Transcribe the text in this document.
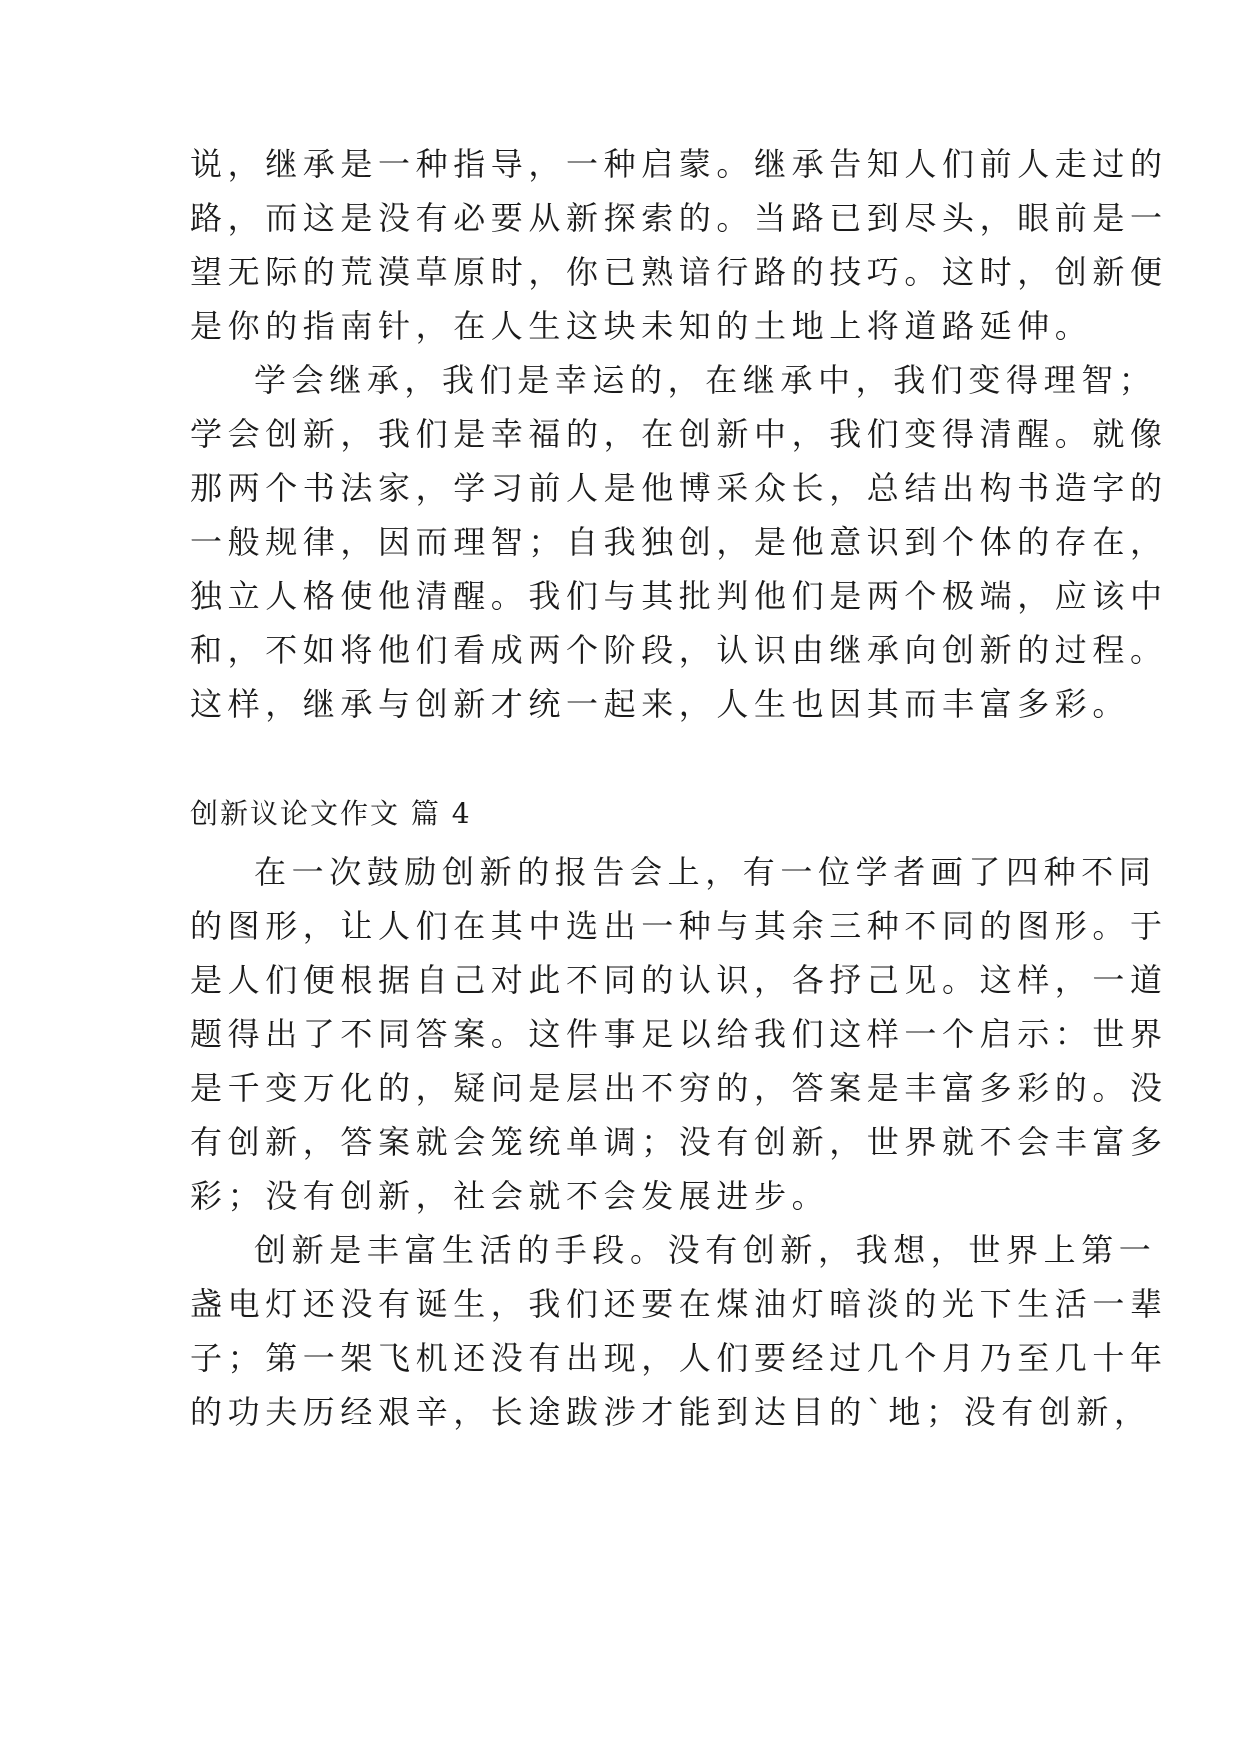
说，继承是一种指导，一种启蒙。继承告知人们前人走过的
路，而这是没有必要从新探索的。当路已到尽头，眼前是一
望无际的荒漠草原时，你已熟谙行路的技巧。这时，创新便
是你的指南针，在人生这块未知的土地上将道路延伸。
学会继承，我们是幸运的，在继承中，我们变得理智；
学会创新，我们是幸福的，在创新中，我们变得清醒。就像
那两个书法家，学习前人是他博采众长，总结出构书造字的
一般规律，因而理智；自我独创，是他意识到个体的存在，
独立人格使他清醒。我们与其批判他们是两个极端，应该中
和，不如将他们看成两个阶段，认识由继承向创新的过程。
这样，继承与创新才统一起来，人生也因其而丰富多彩。
创新议论文作文 篇 4
在一次鼓励创新的报告会上，有一位学者画了四种不同
的图形，让人们在其中选出一种与其余三种不同的图形。于
是人们便根据自己对此不同的认识，各抒己见。这样，一道
题得出了不同答案。这件事足以给我们这样一个启示：世界
是千变万化的，疑问是层出不穷的，答案是丰富多彩的。没
有创新，答案就会笼统单调；没有创新，世界就不会丰富多
彩；没有创新，社会就不会发展进步。
创新是丰富生活的手段。没有创新，我想，世界上第一
盏电灯还没有诞生，我们还要在煤油灯暗淡的光下生活一辈
子；第一架飞机还没有出现，人们要经过几个月乃至几十年
的功夫历经艰辛，长途跋涉才能到达目的`地；没有创新，
